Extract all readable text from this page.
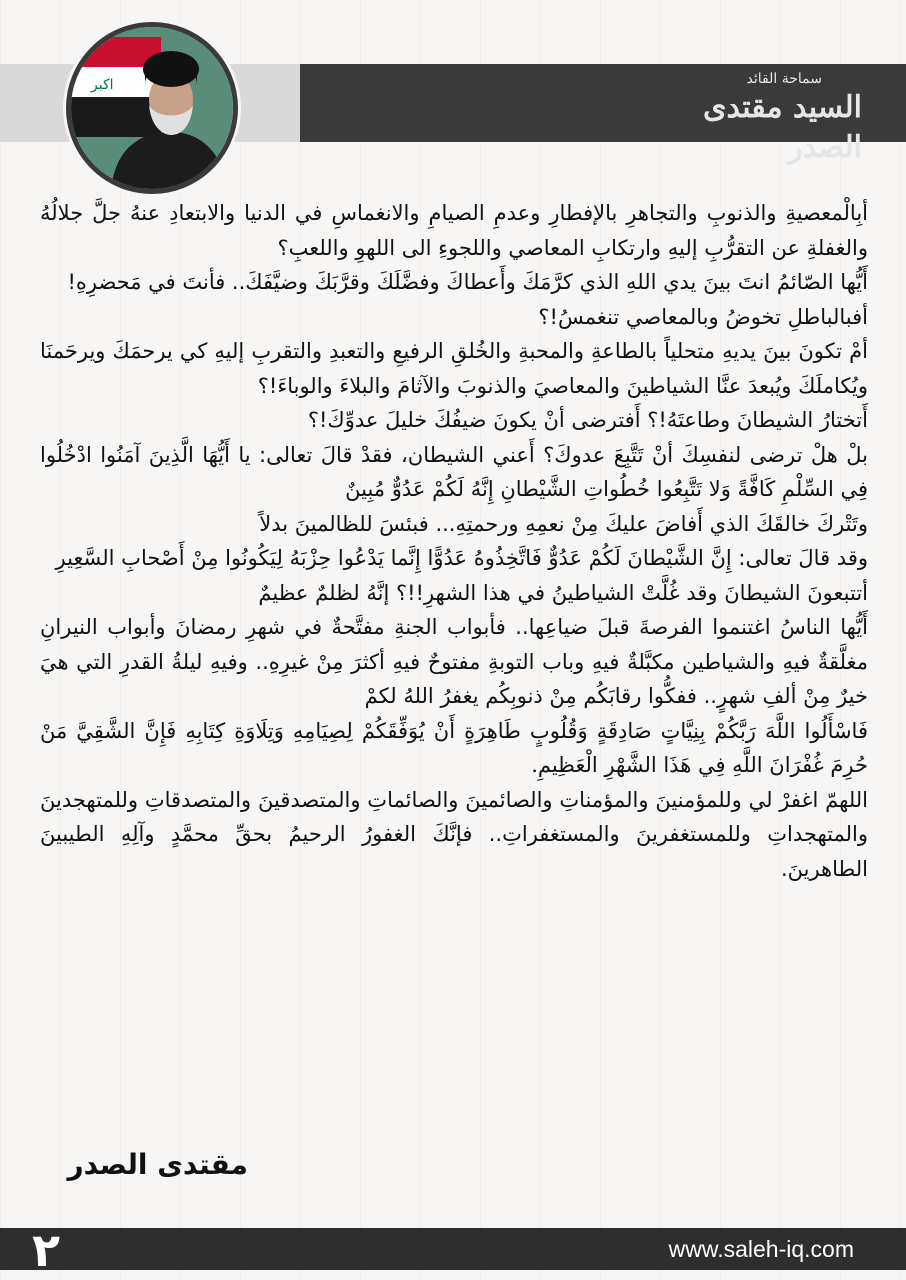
اكبر	سماحة القائد
السيد مقتدى الصدر

أبِالْمعصيةِ والذنوبِ والتجاهرِ بالإفطارِ وعدمِ الصيامِ والانغماسِ في الدنيا والابتعادِ عنهُ جلَّ جلالُهُ والغفلةِ عن التقرُّبِ إليهِ وارتكابِ المعاصي واللجوءِ الى اللهوِ واللعبِ؟

أَيُّها الصّائمُ انتَ بينَ يدي اللهِ الذي كرَّمَكَ وأَعطاكَ وفضَّلَكَ وقرَّبَكَ وضيَّفَكَ.. فأنتَ في مَحضرِهِ!

أفبالباطلِ تخوضُ وبالمعاصي تنغمسُ!؟

أمْ تكونَ بينَ يديهِ متحلياً بالطاعةِ والمحبةِ والخُلقِ الرفيعِ والتعبدِ والتقربِ إليهِ كي يرحمَكَ ويرحَمنَا ويُكاملَكَ ويُبعدَ عنَّا الشياطينَ والمعاصيَ والذنوبَ والآثامَ والبلاءَ والوباءَ!؟

أَتختارُ الشيطانَ وطاعتَهُ!؟ أَفترضى أنْ يكونَ ضيفُكَ خليلَ عدوِّكَ!؟

بلْ هلْ ترضى لنفسِكَ أنْ تَتَّبِعَ عدوكَ؟ أَعني الشيطان، فقدْ قالَ تعالى: يا أَيُّهَا الَّذِينَ آمَنُوا ادْخُلُوا فِي السِّلْمِ كَافَّةً وَلا تَتَّبِعُوا خُطُواتِ الشَّيْطانِ إِنَّهُ لَكُمْ عَدُوٌّ مُبِينٌ

وتَتْركَ خالقَكَ الذي أَفاضَ عليكَ مِنْ نعمِهِ ورحمتِهِ... فبئسَ للظالمينَ بدلاً

وقد قالَ تعالى: إِنَّ الشَّيْطانَ لَكُمْ عَدُوٌّ فَاتَّخِذُوهُ عَدُوًّا إِنَّما يَدْعُوا حِزْبَهُ لِيَكُونُوا مِنْ أَصْحابِ السَّعِيرِ

أتتبعونَ الشيطانَ وقد غُلَّتْ الشياطينُ في هذا الشهرِ!!؟ إنَّهُ لظلمٌ عظيمٌ

أَيُّها الناسُ اغتنموا الفرصةَ قبلَ ضياعِها.. فأبواب الجنةِ مفتَّحةٌ في شهرِ رمضانَ وأبواب النيرانِ مغلَّقةٌ فيهِ والشياطين مكبَّلةٌ فيهِ وباب التوبةِ مفتوحٌ فيهِ أكثرَ مِنْ غيرِهِ.. وفيهِ ليلةُ القدرِ التي هيَ خيرٌ مِنْ ألفِ شهرٍ.. ففكُّوا رقابَكُم مِنْ ذنوبِكُم يغفرُ اللهُ لكمْ

فَاسْأَلُوا اللَّهَ رَبَّكُمْ بِنِيَّاتٍ صَادِقَةٍ وَقُلُوبٍ طَاهِرَةٍ أَنْ يُوَفِّقَكُمْ لِصِيَامِهِ وَتِلَاوَةِ كِتَابِهِ فَإِنَّ الشَّقِيَّ مَنْ حُرِمَ غُفْرَانَ اللَّهِ فِي هَذَا الشَّهْرِ الْعَظِيمِ.

اللهمّ اغفرْ لي وللمؤمنينَ والمؤمناتِ والصائمينَ والصائماتِ والمتصدقينَ والمتصدقاتِ وللمتهجدينَ والمتهجداتِ وللمستغفرينَ والمستغفراتِ.. فإنَّكَ الغفورُ الرحيمُ بحقِّ محمَّدٍ وآلِهِ الطيبينَ الطاهرينَ.

مقتدى الصدر
٢	www.saleh-iq.com
